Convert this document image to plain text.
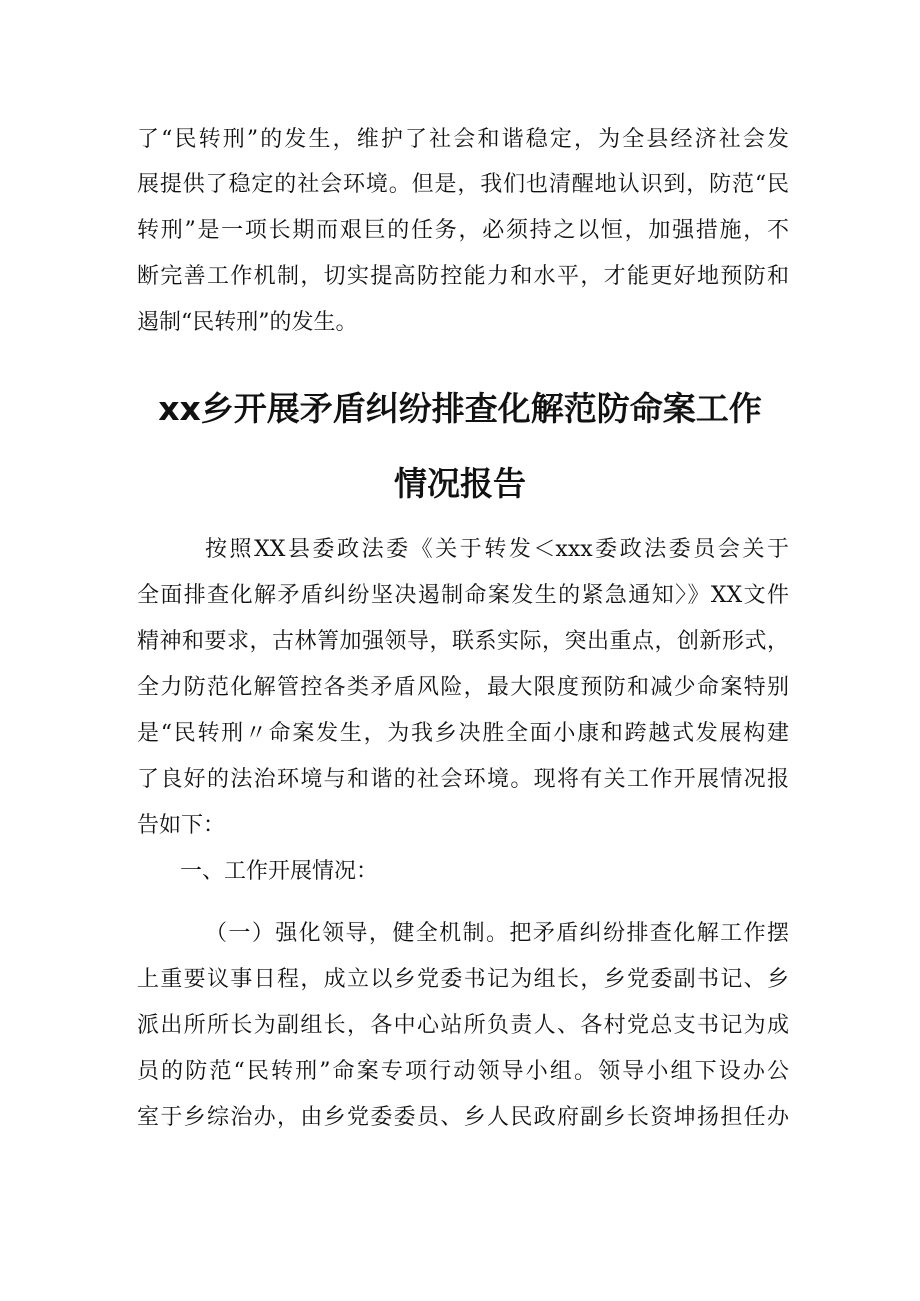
了“民转刑”的发生，维护了社会和谐稳定，为全县经济社会发
展提供了稳定的社会环境。但是，我们也清醒地认识到，防范“民
转刑”是一项长期而艰巨的任务，必须持之以恒，加强措施，不
断完善工作机制，切实提高防控能力和水平，才能更好地预防和
遏制“民转刑”的发生。
xx乡开展矛盾纠纷排查化解范防命案工作
情况报告
按照XX县委政法委《关于转发＜xxx委政法委员会关于
全面排查化解矛盾纠纷坚决遏制命案发生的紧急通知〉》XX文件
精神和要求，古林箐加强领导，联系实际，突出重点，创新形式，
全力防范化解管控各类矛盾风险，最大限度预防和减少命案特别
是“民转刑〃命案发生，为我乡决胜全面小康和跨越式发展构建
了良好的法治环境与和谐的社会环境。现将有关工作开展情况报
告如下：
一、工作开展情况：
（一）强化领导，健全机制。把矛盾纠纷排查化解工作摆
上重要议事日程，成立以乡党委书记为组长，乡党委副书记、乡
派出所所长为副组长，各中心站所负责人、各村党总支书记为成
员的防范“民转刑”命案专项行动领导小组。领导小组下设办公
室于乡综治办，由乡党委委员、乡人民政府副乡长资坤扬担任办
